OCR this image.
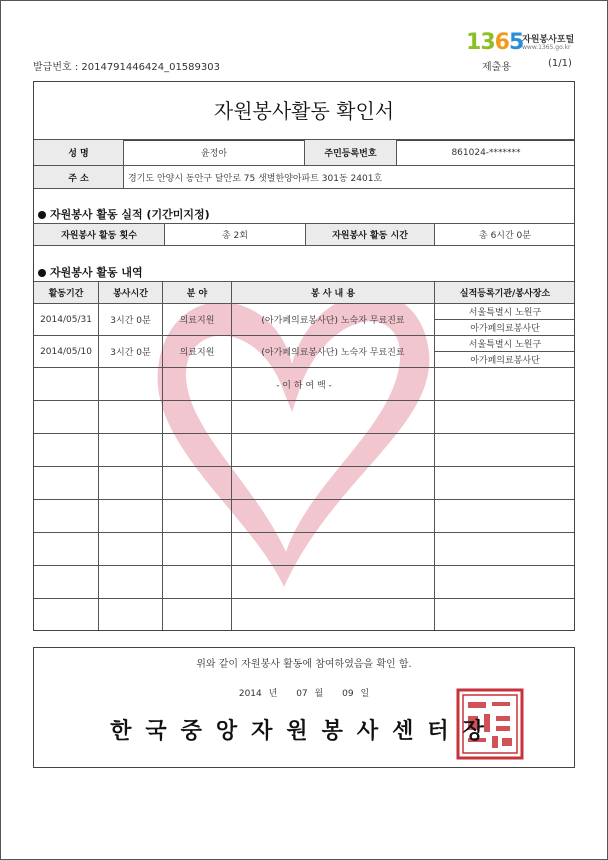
1365
자원봉사포털
www.1365.go.kr
발급번호 : 2014791446424_01589303	제출용	(1/1)
자원봉사활동 확인서
성 명	윤정아	주민등록번호	861024-*******
주 소	경기도 안양시 동안구 달안로 75 샛별한양아파트 301동 2401호		
자원봉사 활동 실적 (기간미지정)
자원봉사 활동 횟수	총 2회	자원봉사 활동 시간	총 6시간 0분
자원봉사 활동 내역
활동기간	봉사시간	분 야	봉 사 내 용	실적등록기관/봉사장소
2014/05/31	3시간 0분	의료지원	(아가페의료봉사단) 노숙자 무료진료	서울특별시 노원구
				아가페의료봉사단
2014/05/10	3시간 0분	의료지원	(아가페의료봉사단) 노숙자 무료진료	서울특별시 노원구
				아가페의료봉사단

- 이 하 여 백 -
위와 같이 자원봉사 활동에 참여하였음을 확인 함.
2014 년 07 월 09 일
한국중앙자원봉사센터장
